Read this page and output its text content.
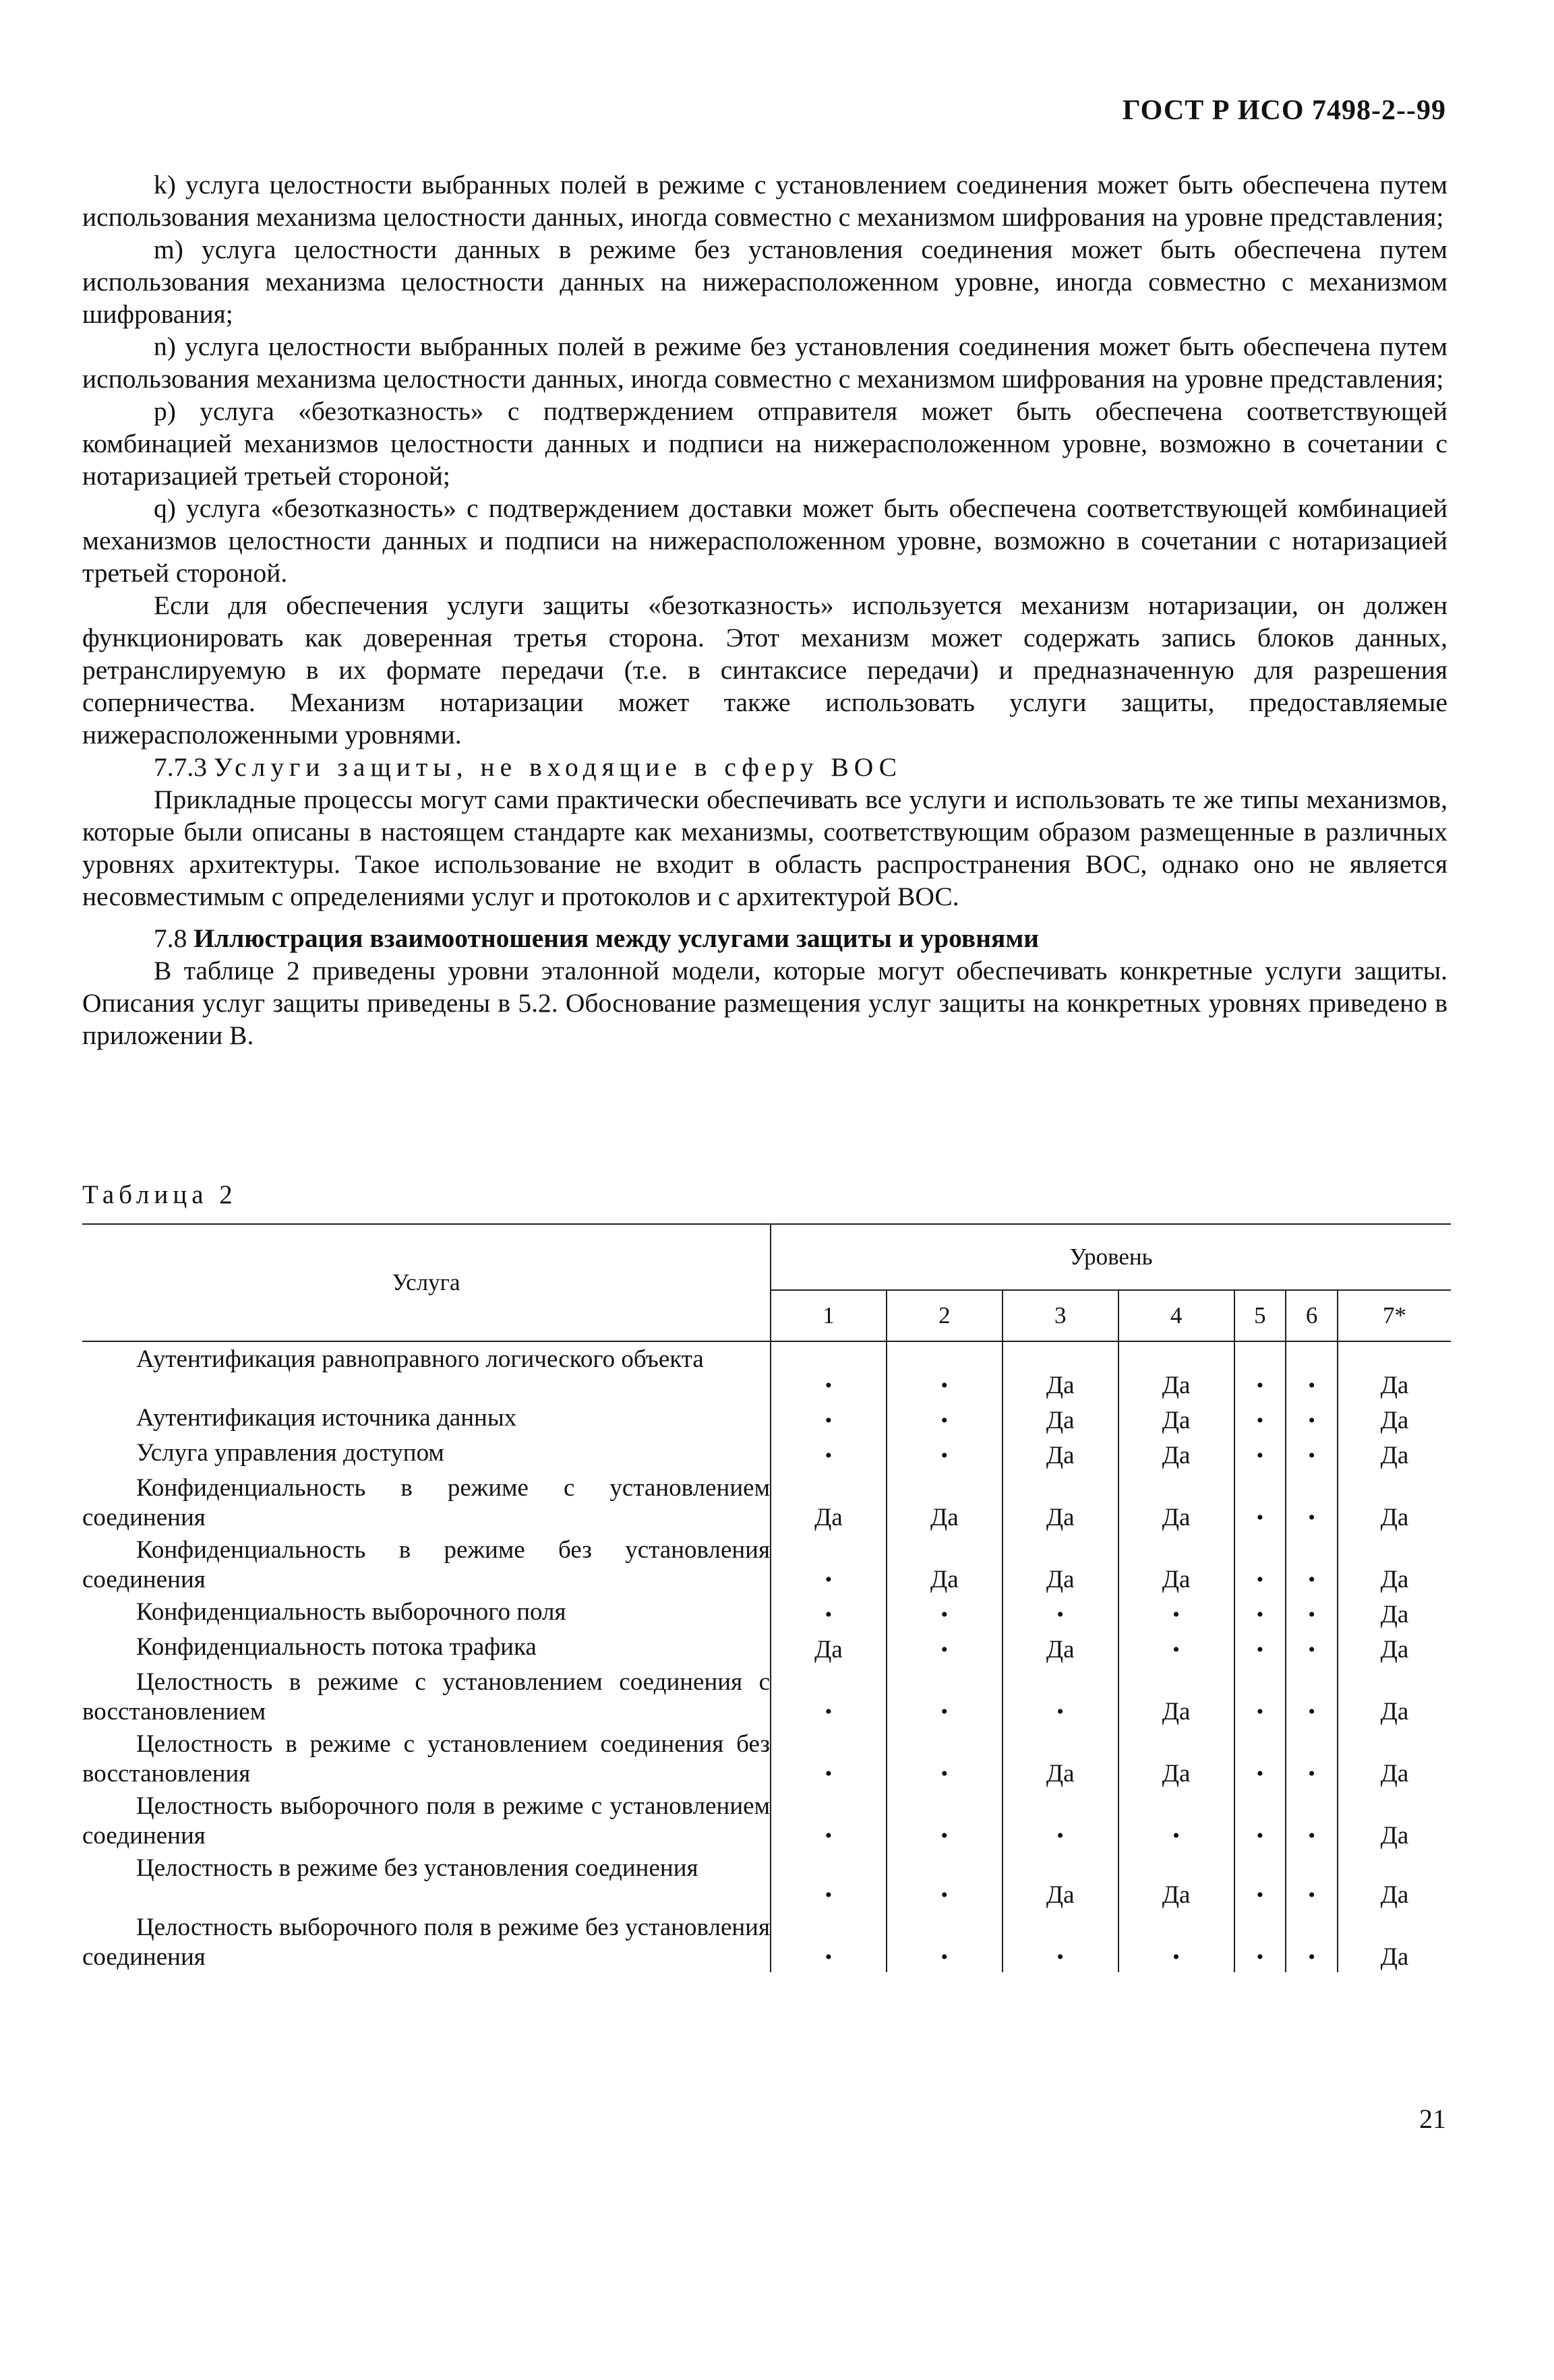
ГОСТ Р ИСО 7498-2--99

k) услуга целостности выбранных полей в режиме с установлением соединения может быть обеспечена путем использования механизма целостности данных, иногда совместно с механизмом шифрования на уровне представления;

m) услуга целостности данных в режиме без установления соединения может быть обеспечена путем использования механизма целостности данных на нижерасположенном уровне, иногда совместно с механизмом шифрования;

n) услуга целостности выбранных полей в режиме без установления соединения может быть обеспечена путем использования механизма целостности данных, иногда совместно с механизмом шифрования на уровне представления;

p) услуга «безотказность» с подтверждением отправителя может быть обеспечена соответствующей комбинацией механизмов целостности данных и подписи на нижерасположенном уровне, возможно в сочетании с нотаризацией третьей стороной;

q) услуга «безотказность» с подтверждением доставки может быть обеспечена соответствующей комбинацией механизмов целостности данных и подписи на нижерасположенном уровне, возможно в сочетании с нотаризацией третьей стороной.

Если для обеспечения услуги защиты «безотказность» используется механизм нотаризации, он должен функционировать как доверенная третья сторона. Этот механизм может содержать запись блоков данных, ретранслируемую в их формате передачи (т.е. в синтаксисе передачи) и предназначенную для разрешения соперничества. Механизм нотаризации может также использовать услуги защиты, предоставляемые нижерасположенными уровнями.

7.7.3 Услуги защиты, не входящие в сферу ВОС

Прикладные процессы могут сами практически обеспечивать все услуги и использовать те же типы механизмов, которые были описаны в настоящем стандарте как механизмы, соответствующим образом размещенные в различных уровнях архитектуры. Такое использование не входит в область распространения ВОС, однако оно не является несовместимым с определениями услуг и протоколов и с архитектурой ВОС.

7.8 Иллюстрация взаимоотношения между услугами защиты и уровнями

В таблице 2 приведены уровни эталонной модели, которые могут обеспечивать конкретные услуги защиты. Описания услуг защиты приведены в 5.2. Обоснование размещения услуг защиты на конкретных уровнях приведено в приложении В.

Таблица 2
Услуга	Уровень						
	1	2	3	4	5	6	7*

Аутентификация равноправного логического объекта	•	•	Да	Да	•	•	Да

Аутентификация источника данных	•	•	Да	Да	•	•	Да

Услуга управления доступом	•	•	Да	Да	•	•	Да

Конфиденциальность в режиме с установлением соединения	Да	Да	Да	Да	•	•	Да

Конфиденциальность в режиме без установления соединения	•	Да	Да	Да	•	•	Да

Конфиденциальность выборочного поля	•	•	•	•	•	•	Да

Конфиденциальность потока трафика	Да	•	Да	•	•	•	Да

Целостность в режиме с установлением соединения с восстановлением	•	•	•	Да	•	•	Да

Целостность в режиме с установлением соединения без восстановления	•	•	Да	Да	•	•	Да

Целостность выборочного поля в режиме с установлением соединения	•	•	•	•	•	•	Да

Целостность в режиме без установления соединения	•	•	Да	Да	•	•	Да

Целостность выборочного поля в режиме без установления соединения	•	•	•	•	•	•	Да
21
